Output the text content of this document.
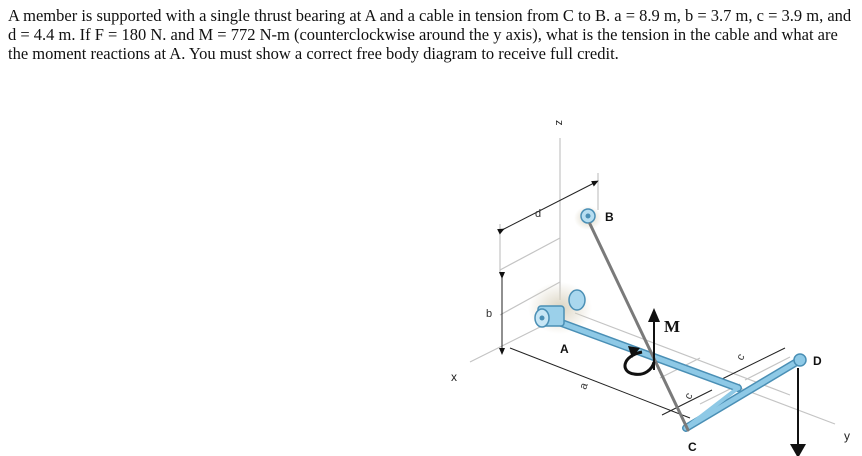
A member is supported with a single thrust bearing at A and a cable in tension from C to B. a = 8.9 m, b = 3.7 m, c = 3.9 m, and d = 4.4 m. If F = 180 N. and M = 772 N-m (counterclockwise around the y axis), what is the tension in the cable and what are the moment reactions at A. You must show a correct free body diagram to receive full credit.

z
x
y
A
B
C
D
a
b
c
c
d
M
